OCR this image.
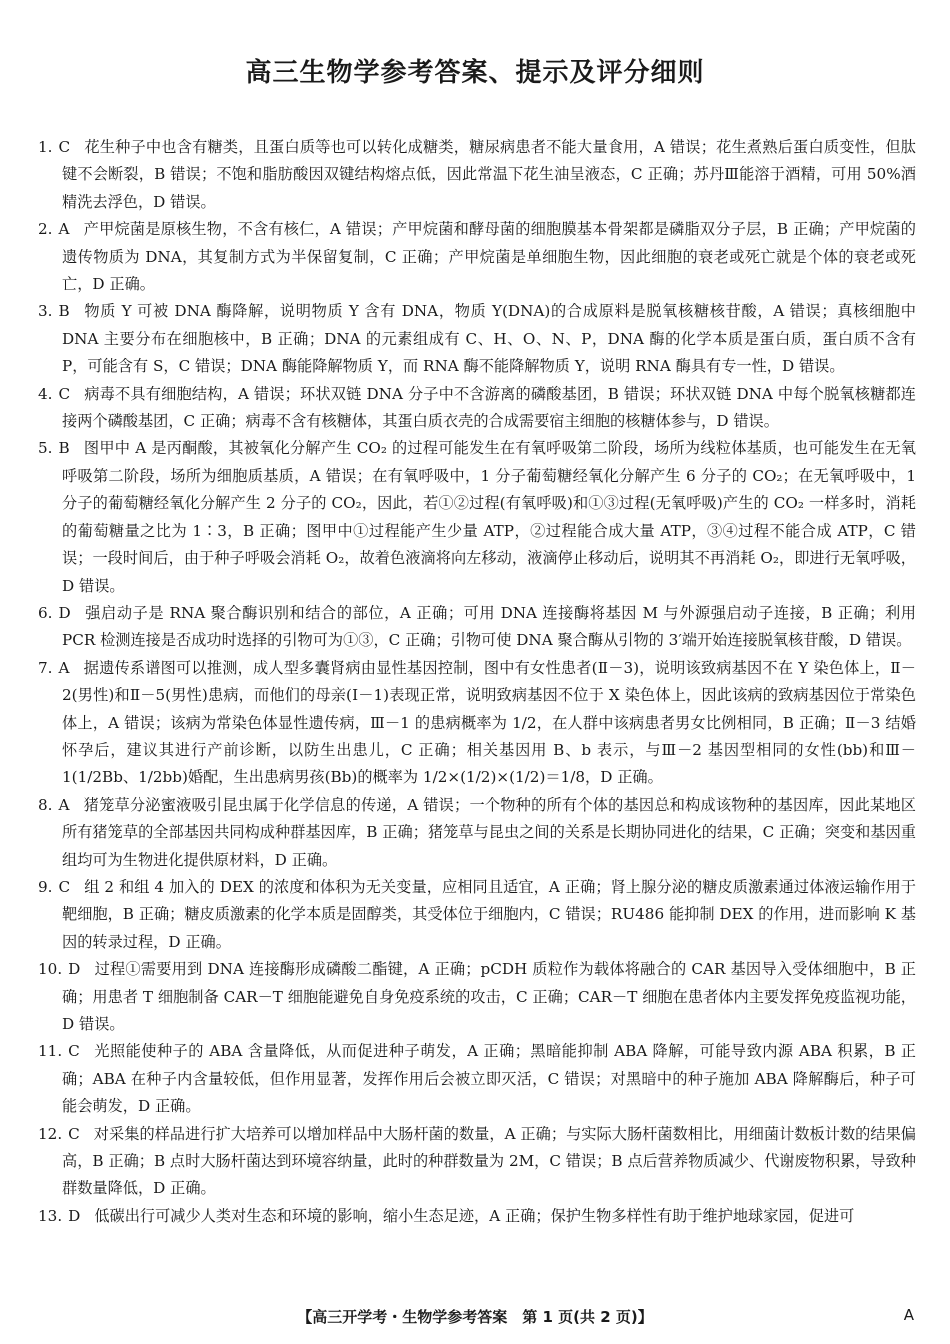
高三生物学参考答案、提示及评分细则
1. C 花生种子中也含有糖类，且蛋白质等也可以转化成糖类，糖尿病患者不能大量食用，A 错误；花生煮熟后蛋白质变性，但肽键不会断裂，B 错误；不饱和脂肪酸因双键结构熔点低，因此常温下花生油呈液态，C 正确；苏丹Ⅲ能溶于酒精，可用 50%酒精洗去浮色，D 错误。
2. A 产甲烷菌是原核生物，不含有核仁，A 错误；产甲烷菌和酵母菌的细胞膜基本骨架都是磷脂双分子层，B 正确；产甲烷菌的遗传物质为 DNA，其复制方式为半保留复制，C 正确；产甲烷菌是单细胞生物，因此细胞的衰老或死亡就是个体的衰老或死亡，D 正确。
3. B 物质 Y 可被 DNA 酶降解，说明物质 Y 含有 DNA，物质 Y(DNA)的合成原料是脱氧核糖核苷酸，A 错误；真核细胞中 DNA 主要分布在细胞核中，B 正确；DNA 的元素组成有 C、H、O、N、P，DNA 酶的化学本质是蛋白质，蛋白质不含有 P，可能含有 S，C 错误；DNA 酶能降解物质 Y，而 RNA 酶不能降解物质 Y，说明 RNA 酶具有专一性，D 错误。
4. C 病毒不具有细胞结构，A 错误；环状双链 DNA 分子中不含游离的磷酸基团，B 错误；环状双链 DNA 中每个脱氧核糖都连接两个磷酸基团，C 正确；病毒不含有核糖体，其蛋白质衣壳的合成需要宿主细胞的核糖体参与，D 错误。
5. B 图甲中 A 是丙酮酸，其被氧化分解产生 CO₂ 的过程可能发生在有氧呼吸第二阶段，场所为线粒体基质，也可能发生在无氧呼吸第二阶段，场所为细胞质基质，A 错误；在有氧呼吸中，1 分子葡萄糖经氧化分解产生 6 分子的 CO₂；在无氧呼吸中，1 分子的葡萄糖经氧化分解产生 2 分子的 CO₂，因此，若①②过程(有氧呼吸)和①③过程(无氧呼吸)产生的 CO₂ 一样多时，消耗的葡萄糖量之比为 1∶3，B 正确；图甲中①过程能产生少量 ATP，②过程能合成大量 ATP，③④过程不能合成 ATP，C 错误；一段时间后，由于种子呼吸会消耗 O₂，故着色液滴将向左移动，液滴停止移动后，说明其不再消耗 O₂，即进行无氧呼吸，D 错误。
6. D 强启动子是 RNA 聚合酶识别和结合的部位，A 正确；可用 DNA 连接酶将基因 M 与外源强启动子连接，B 正确；利用 PCR 检测连接是否成功时选择的引物可为①③，C 正确；引物可使 DNA 聚合酶从引物的 3′端开始连接脱氧核苷酸，D 错误。
7. A 据遗传系谱图可以推测，成人型多囊肾病由显性基因控制，图中有女性患者(Ⅱ－3)，说明该致病基因不在 Y 染色体上，Ⅱ－2(男性)和Ⅱ－5(男性)患病，而他们的母亲(Ⅰ－1)表现正常，说明致病基因不位于 X 染色体上，因此该病的致病基因位于常染色体上，A 错误；该病为常染色体显性遗传病，Ⅲ－1 的患病概率为 1/2，在人群中该病患者男女比例相同，B 正确；Ⅱ－3 结婚怀孕后，建议其进行产前诊断，以防生出患儿，C 正确；相关基因用 B、b 表示，与Ⅲ－2 基因型相同的女性(bb)和Ⅲ－1(1/2Bb、1/2bb)婚配，生出患病男孩(Bb)的概率为 1/2×(1/2)×(1/2)＝1/8，D 正确。
8. A 猪笼草分泌蜜液吸引昆虫属于化学信息的传递，A 错误；一个物种的所有个体的基因总和构成该物种的基因库，因此某地区所有猪笼草的全部基因共同构成种群基因库，B 正确；猪笼草与昆虫之间的关系是长期协同进化的结果，C 正确；突变和基因重组均可为生物进化提供原材料，D 正确。
9. C 组 2 和组 4 加入的 DEX 的浓度和体积为无关变量，应相同且适宜，A 正确；肾上腺分泌的糖皮质激素通过体液运输作用于靶细胞，B 正确；糖皮质激素的化学本质是固醇类，其受体位于细胞内，C 错误；RU486 能抑制 DEX 的作用，进而影响 K 基因的转录过程，D 正确。
10. D 过程①需要用到 DNA 连接酶形成磷酸二酯键，A 正确；pCDH 质粒作为载体将融合的 CAR 基因导入受体细胞中，B 正确；用患者 T 细胞制备 CAR－T 细胞能避免自身免疫系统的攻击，C 正确；CAR－T 细胞在患者体内主要发挥免疫监视功能，D 错误。
11. C 光照能使种子的 ABA 含量降低，从而促进种子萌发，A 正确；黑暗能抑制 ABA 降解，可能导致内源 ABA 积累，B 正确；ABA 在种子内含量较低，但作用显著，发挥作用后会被立即灭活，C 错误；对黑暗中的种子施加 ABA 降解酶后，种子可能会萌发，D 正确。
12. C 对采集的样品进行扩大培养可以增加样品中大肠杆菌的数量，A 正确；与实际大肠杆菌数相比，用细菌计数板计数的结果偏高，B 正确；B 点时大肠杆菌达到环境容纳量，此时的种群数量为 2M，C 错误；B 点后营养物质减少、代谢废物积累，导致种群数量降低，D 正确。
13. D 低碳出行可减少人类对生态和环境的影响，缩小生态足迹，A 正确；保护生物多样性有助于维护地球家园，促进可
【高三开学考・生物学参考答案　第 1 页(共 2 页)】	A
